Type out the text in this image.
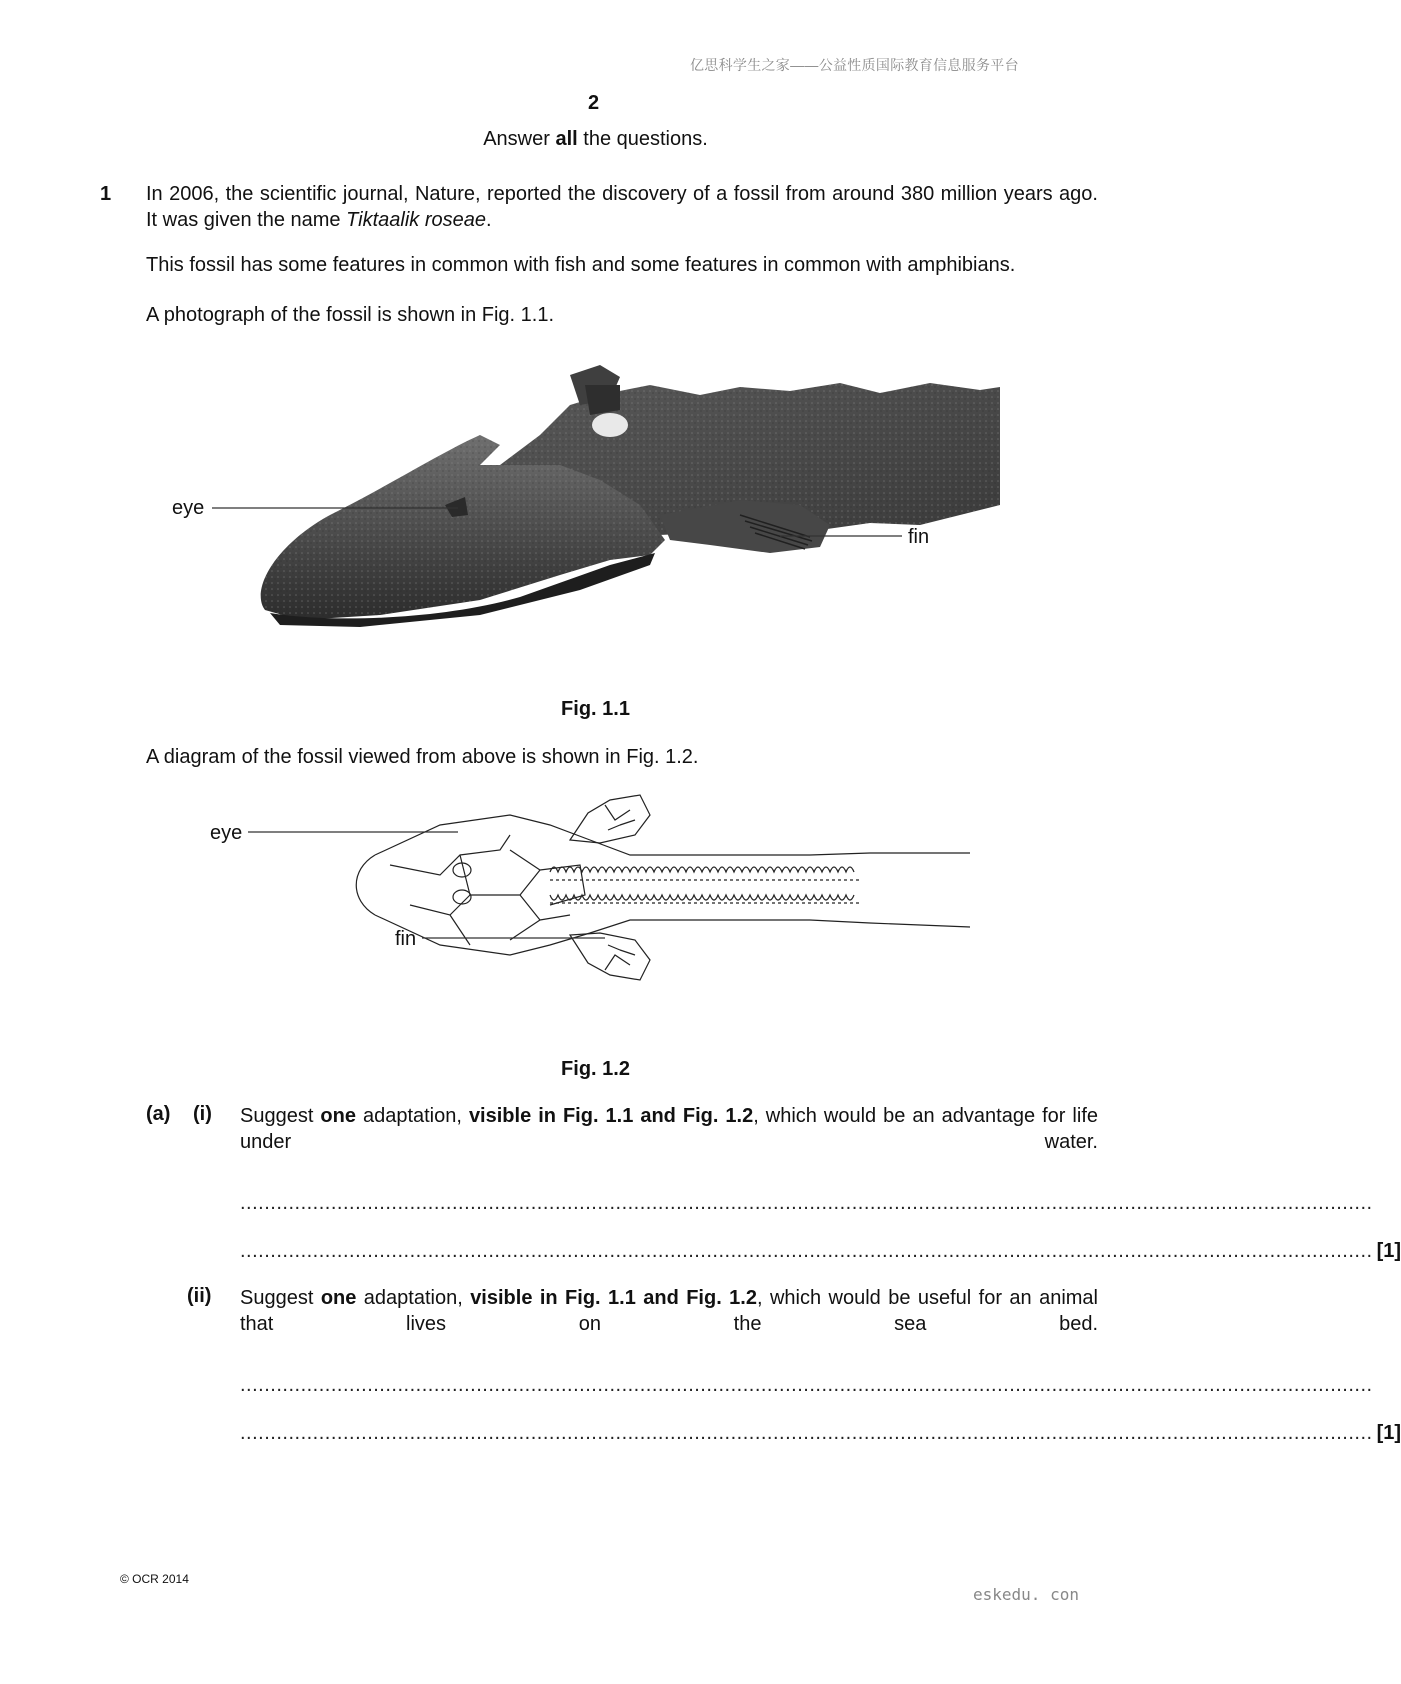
亿思科学生之家——公益性质国际教育信息服务平台
2
Answer all the questions.
1 In 2006, the scientific journal, Nature, reported the discovery of a fossil from around 380 million years ago. It was given the name Tiktaalik roseae.
This fossil has some features in common with fish and some features in common with amphibians.
A photograph of the fossil is shown in Fig. 1.1.
eye
fin
Fig. 1.1
A diagram of the fossil viewed from above is shown in Fig. 1.2.
eye
fin
Fig. 1.2
(a) (i) Suggest one adaptation, visible in Fig. 1.1 and Fig. 1.2, which would be an advantage for life under water.
...........................................................................................................................................................................................
........................................................................................................................................................................................... [1]
(ii) Suggest one adaptation, visible in Fig. 1.1 and Fig. 1.2, which would be useful for an animal that lives on the sea bed.
...........................................................................................................................................................................................
........................................................................................................................................................................................... [1]
© OCR 2014
eskedu. con
